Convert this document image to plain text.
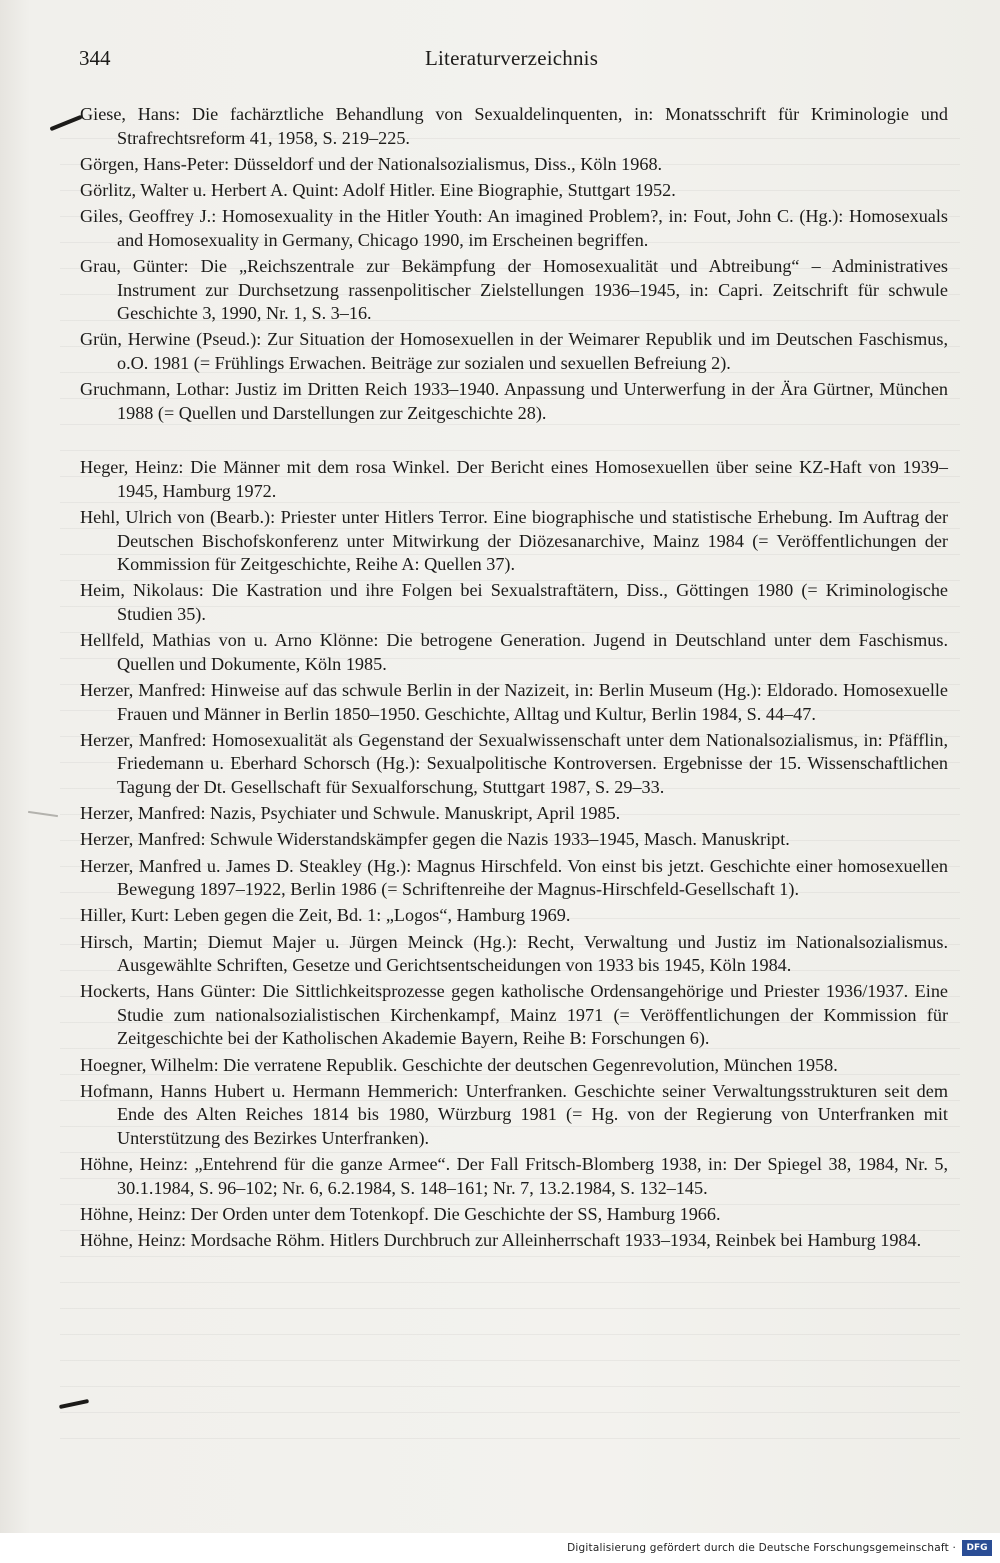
344	Literaturverzeichnis
Giese, Hans: Die fachärztliche Behandlung von Sexualdelinquenten, in: Monatsschrift für Kriminologie und Strafrechtsreform 41, 1958, S. 219–225.
Görgen, Hans-Peter: Düsseldorf und der Nationalsozialismus, Diss., Köln 1968.
Görlitz, Walter u. Herbert A. Quint: Adolf Hitler. Eine Biographie, Stuttgart 1952.
Giles, Geoffrey J.: Homosexuality in the Hitler Youth: An imagined Problem?, in: Fout, John C. (Hg.): Homosexuals and Homosexuality in Germany, Chicago 1990, im Erscheinen begriffen.
Grau, Günter: Die „Reichszentrale zur Bekämpfung der Homosexualität und Abtreibung“ – Administratives Instrument zur Durchsetzung rassenpolitischer Zielstellungen 1936–1945, in: Capri. Zeitschrift für schwule Geschichte 3, 1990, Nr. 1, S. 3–16.
Grün, Herwine (Pseud.): Zur Situation der Homosexuellen in der Weimarer Republik und im Deutschen Faschismus, o.O. 1981 (= Frühlings Erwachen. Beiträge zur sozialen und sexuellen Befreiung 2).
Gruchmann, Lothar: Justiz im Dritten Reich 1933–1940. Anpassung und Unterwerfung in der Ära Gürtner, München 1988 (= Quellen und Darstellungen zur Zeitgeschichte 28).
Heger, Heinz: Die Männer mit dem rosa Winkel. Der Bericht eines Homosexuellen über seine KZ-Haft von 1939–1945, Hamburg 1972.
Hehl, Ulrich von (Bearb.): Priester unter Hitlers Terror. Eine biographische und statistische Erhebung. Im Auftrag der Deutschen Bischofskonferenz unter Mitwirkung der Diözesanarchive, Mainz 1984 (= Veröffentlichungen der Kommission für Zeitgeschichte, Reihe A: Quellen 37).
Heim, Nikolaus: Die Kastration und ihre Folgen bei Sexualstraftätern, Diss., Göttingen 1980 (= Kriminologische Studien 35).
Hellfeld, Mathias von u. Arno Klönne: Die betrogene Generation. Jugend in Deutschland unter dem Faschismus. Quellen und Dokumente, Köln 1985.
Herzer, Manfred: Hinweise auf das schwule Berlin in der Nazizeit, in: Berlin Museum (Hg.): Eldorado. Homosexuelle Frauen und Männer in Berlin 1850–1950. Geschichte, Alltag und Kultur, Berlin 1984, S. 44–47.
Herzer, Manfred: Homosexualität als Gegenstand der Sexualwissenschaft unter dem Nationalsozialismus, in: Pfäfflin, Friedemann u. Eberhard Schorsch (Hg.): Sexualpolitische Kontroversen. Ergebnisse der 15. Wissenschaftlichen Tagung der Dt. Gesellschaft für Sexualforschung, Stuttgart 1987, S. 29–33.
Herzer, Manfred: Nazis, Psychiater und Schwule. Manuskript, April 1985.
Herzer, Manfred: Schwule Widerstandskämpfer gegen die Nazis 1933–1945, Masch. Manuskript.
Herzer, Manfred u. James D. Steakley (Hg.): Magnus Hirschfeld. Von einst bis jetzt. Geschichte einer homosexuellen Bewegung 1897–1922, Berlin 1986 (= Schriftenreihe der Magnus-Hirschfeld-Gesellschaft 1).
Hiller, Kurt: Leben gegen die Zeit, Bd. 1: „Logos“, Hamburg 1969.
Hirsch, Martin; Diemut Majer u. Jürgen Meinck (Hg.): Recht, Verwaltung und Justiz im Nationalsozialismus. Ausgewählte Schriften, Gesetze und Gerichtsentscheidungen von 1933 bis 1945, Köln 1984.
Hockerts, Hans Günter: Die Sittlichkeitsprozesse gegen katholische Ordensangehörige und Priester 1936/1937. Eine Studie zum nationalsozialistischen Kirchenkampf, Mainz 1971 (= Veröffentlichungen der Kommission für Zeitgeschichte bei der Katholischen Akademie Bayern, Reihe B: Forschungen 6).
Hoegner, Wilhelm: Die verratene Republik. Geschichte der deutschen Gegenrevolution, München 1958.
Hofmann, Hanns Hubert u. Hermann Hemmerich: Unterfranken. Geschichte seiner Verwaltungsstrukturen seit dem Ende des Alten Reiches 1814 bis 1980, Würzburg 1981 (= Hg. von der Regierung von Unterfranken mit Unterstützung des Bezirkes Unterfranken).
Höhne, Heinz: „Entehrend für die ganze Armee“. Der Fall Fritsch-Blomberg 1938, in: Der Spiegel 38, 1984, Nr. 5, 30.1.1984, S. 96–102; Nr. 6, 6.2.1984, S. 148–161; Nr. 7, 13.2.1984, S. 132–145.
Höhne, Heinz: Der Orden unter dem Totenkopf. Die Geschichte der SS, Hamburg 1966.
Höhne, Heinz: Mordsache Röhm. Hitlers Durchbruch zur Alleinherrschaft 1933–1934, Reinbek bei Hamburg 1984.
Digitalisierung gefördert durch die Deutsche Forschungsgemeinschaft ·	DFG
